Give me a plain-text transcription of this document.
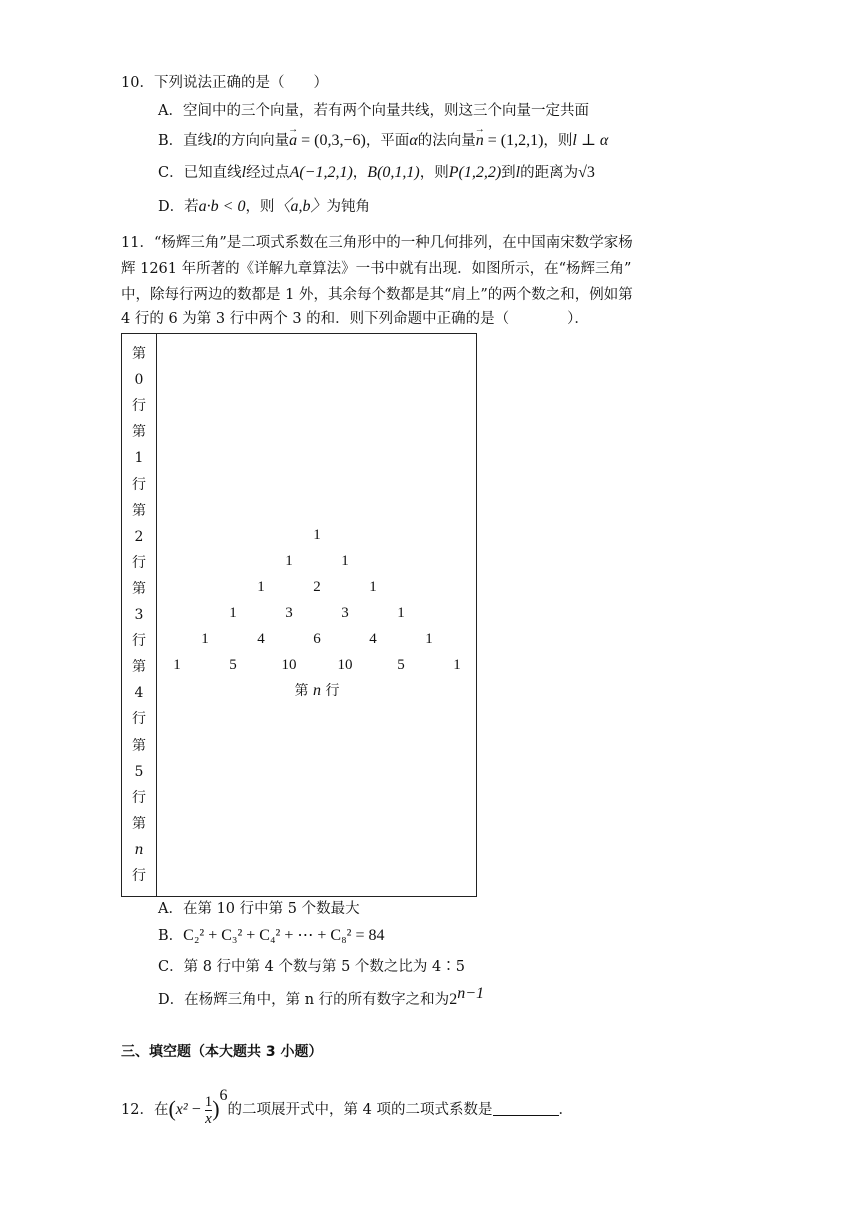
10．下列说法正确的是（　　）
A．空间中的三个向量，若有两个向量共线，则这三个向量一定共面
B．直线l的方向向量→ a = (0,3,−6)，平面α的法向量→ n = (1,2,1)，则l ⊥ α
C．已知直线l经过点A(−1,2,1)，B(0,1,1)，则P(1,2,2)到l的距离为√3
D．若a·b < 0，则〈a,b〉为钝角
11．“杨辉三角”是二项式系数在三角形中的一种几何排列，在中国南宋数学家杨
辉 1261 年所著的《详解九章算法》一书中就有出现．如图所示，在“杨辉三角”
中，除每行两边的数都是 1 外，其余每个数都是其“肩上”的两个数之和，例如第
4 行的 6 为第 3 行中两个 3 的和．则下列命题中正确的是（　　　　）．
第
0
行
第
1
行
第
2
行
第
3
行
第
4
行
第
5
行
第
n
行
第 n 行
1
1	1
1	2	1
1	3	3	1
1	4	6	4	1
1	5	10	10	5	1
A．在第 10 行中第 5 个数最大
B．C₂² + C₃² + C₄² + ⋯ + C₈² = 84
C．第 8 行中第 4 个数与第 5 个数之比为 4∶5
D．在杨辉三角中，第 n 行的所有数字之和为$2^{n-1}$
三、填空题（本大题共 3 小题）
12．在$(x^2 - \frac{1}{x} )^6$的二项展开式中，第 4 项的二项式系数是	．
